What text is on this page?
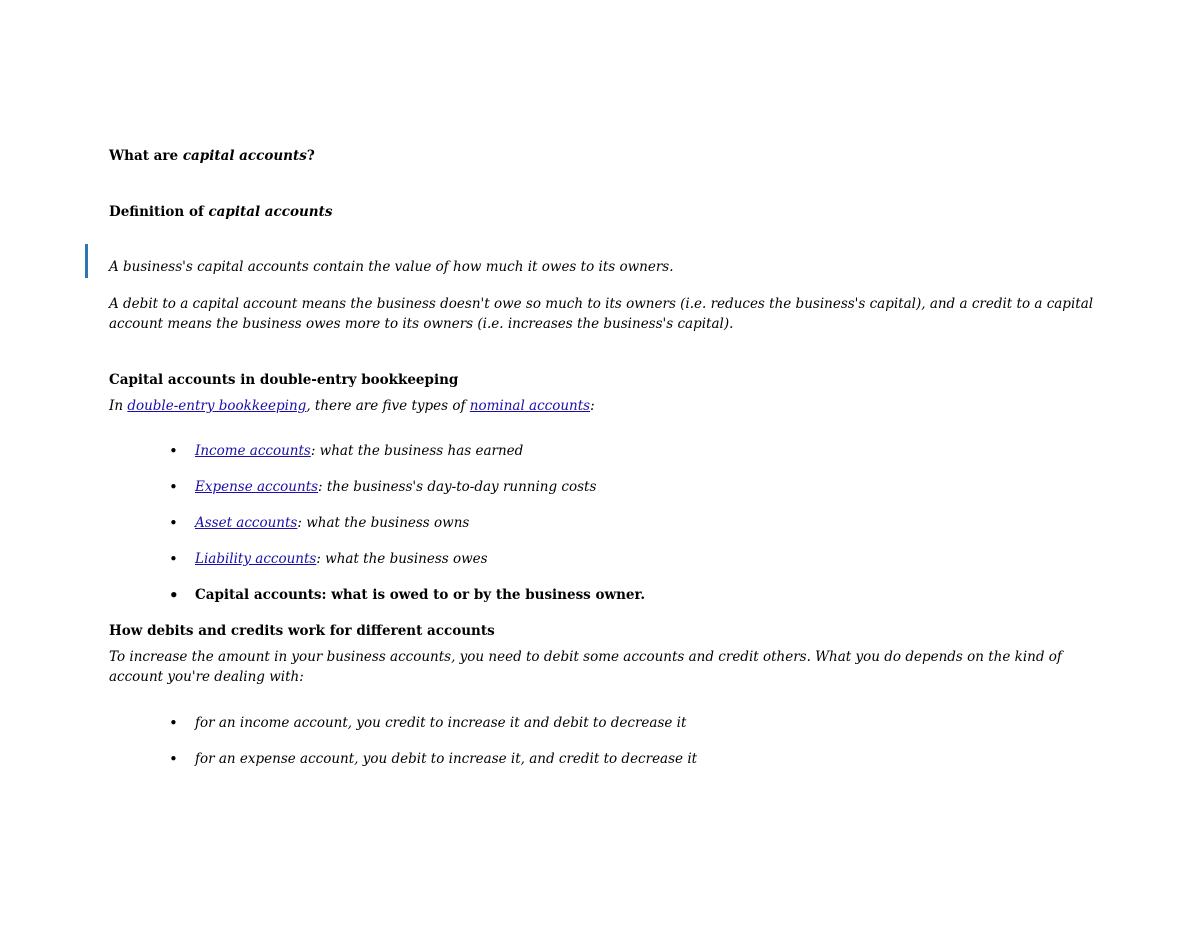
What are capital accounts?

Definition of capital accounts

A business's capital accounts contain the value of how much it owes to its owners.

A debit to a capital account means the business doesn't owe so much to its owners (i.e. reduces the business's capital), and a credit to a capital account means the business owes more to its owners (i.e. increases the business's capital).

Capital accounts in double-entry bookkeeping

In double-entry bookkeeping, there are five types of nominal accounts:

• Income accounts: what the business has earned
• Expense accounts: the business's day-to-day running costs
• Asset accounts: what the business owns
• Liability accounts: what the business owes
• Capital accounts: what is owed to or by the business owner.

How debits and credits work for different accounts

To increase the amount in your business accounts, you need to debit some accounts and credit others. What you do depends on the kind of account you're dealing with:

• for an income account, you credit to increase it and debit to decrease it
• for an expense account, you debit to increase it, and credit to decrease it
